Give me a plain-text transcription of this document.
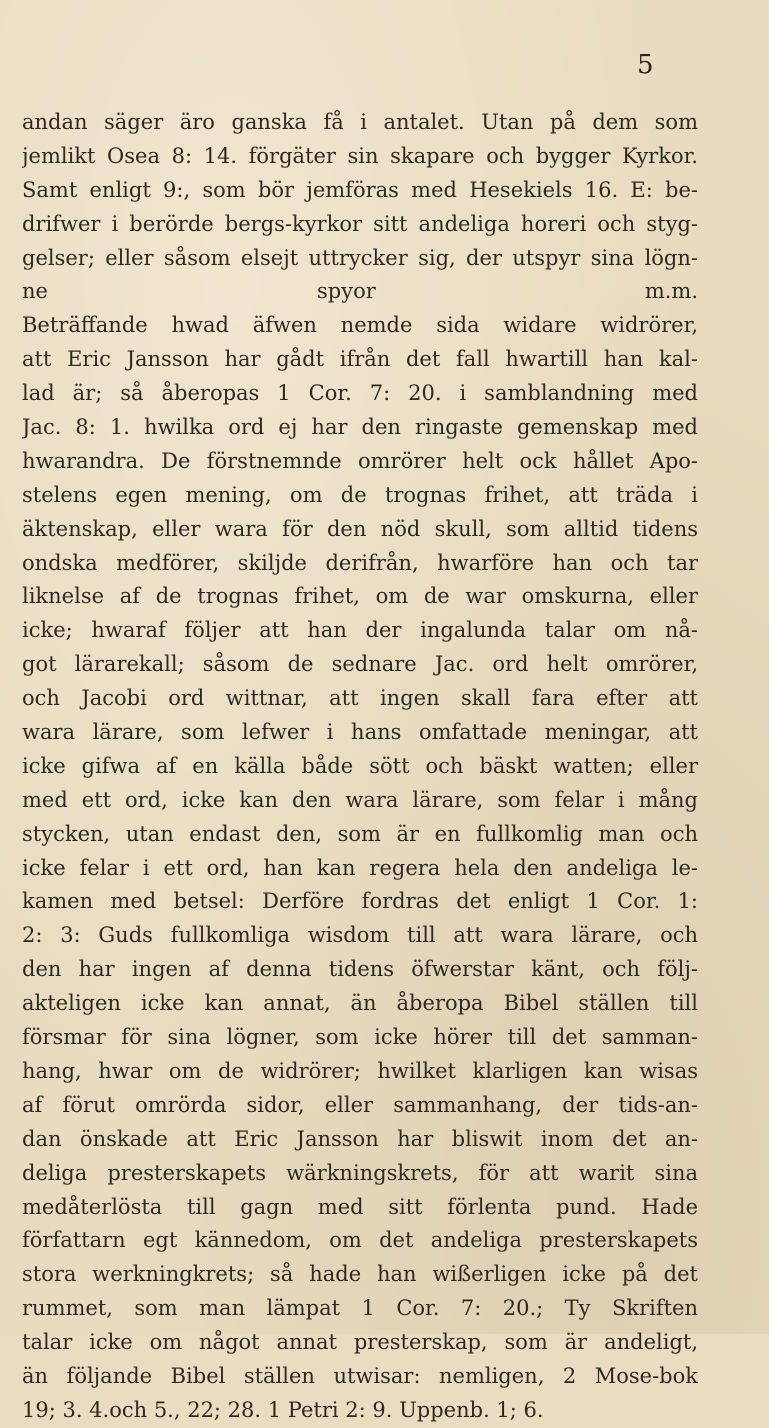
5
andan säger äro ganska få i antalet. Utan på dem som
jemlikt Osea 8: 14. förgäter sin skapare och bygger Kyrkor.
Samt enligt 9:, som bör jemföras med Hesekiels 16. E: be-
drifwer i berörde bergs-kyrkor sitt andeliga horeri och styg-
gelser; eller såsom elsejt uttrycker sig, der utspyr sina lögn-
ne spyor m.m.
Beträffande hwad äfwen nemde sida widare widrörer,
att Eric Jansson har gådt ifrån det fall hwartill han kal-
lad är; så åberopas 1 Cor. 7: 20. i samblandning med
Jac. 8: 1. hwilka ord ej har den ringaste gemenskap med
hwarandra. De förstnemnde omrörer helt ock hållet Apo-
stelens egen mening, om de trognas frihet, att träda i
äktenskap, eller wara för den nöd skull, som alltid tidens
ondska medförer, skiljde derifrån, hwarföre han och tar
liknelse af de trognas frihet, om de war omskurna, eller
icke; hwaraf följer att han der ingalunda talar om nå-
got lärarekall; såsom de sednare Jac. ord helt omrörer,
och Jacobi ord wittnar, att ingen skall fara efter att
wara lärare, som lefwer i hans omfattade meningar, att
icke gifwa af en källa både sött och bäskt watten; eller
med ett ord, icke kan den wara lärare, som felar i mång
stycken, utan endast den, som är en fullkomlig man och
icke felar i ett ord, han kan regera hela den andeliga le-
kamen med betsel: Derföre fordras det enligt 1 Cor. 1:
2: 3: Guds fullkomliga wisdom till att wara lärare, och
den har ingen af denna tidens öfwerstar känt, och följ-
akteligen icke kan annat, än åberopa Bibel ställen till
försmar för sina lögner, som icke hörer till det samman-
hang, hwar om de widrörer; hwilket klarligen kan wisas
af förut omrörda sidor, eller sammanhang, der tids-an-
dan önskade att Eric Jansson har bliswit inom det an-
deliga presterskapets wärkningskrets, för att warit sina
medåterlösta till gagn med sitt förlenta pund. Hade
författarn egt kännedom, om det andeliga presterskapets
stora werkningkrets; så hade han wißerligen icke på det
rummet, som man lämpat 1 Cor. 7: 20.; Ty Skriften
talar icke om något annat presterskap, som är andeligt,
än följande Bibel ställen utwisar: nemligen, 2 Mose-bok
19; 3. 4.och 5., 22; 28. 1 Petri 2: 9. Uppenb. 1; 6.
